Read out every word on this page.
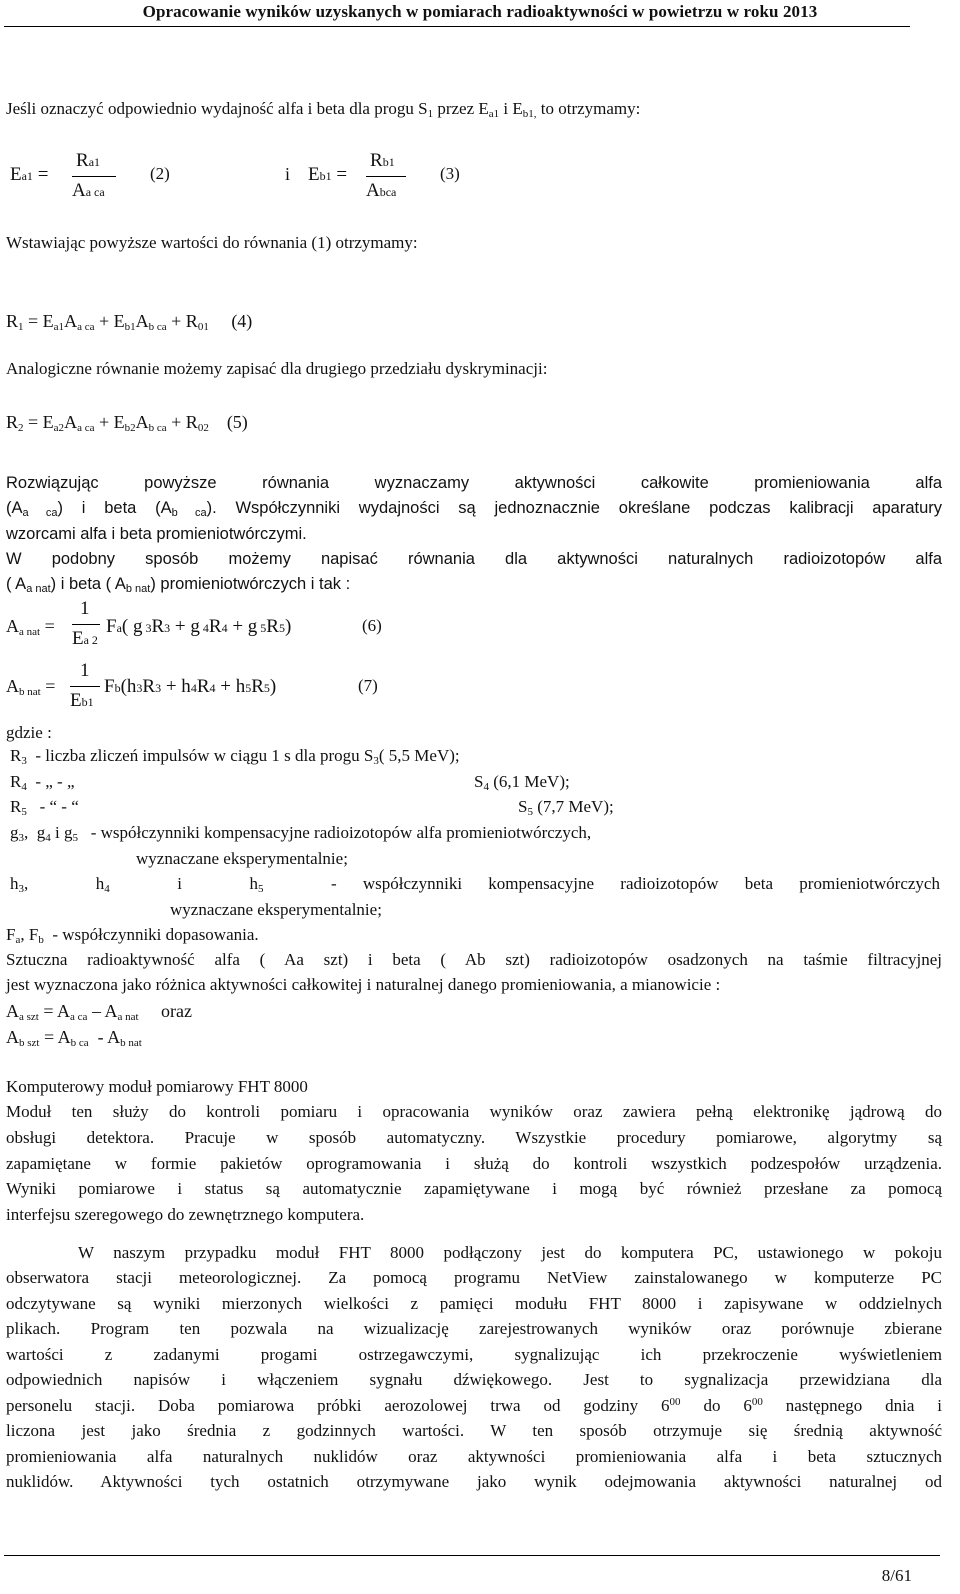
Opracowanie wyników uzyskanych w pomiarach radioaktywności w powietrzu w roku 2013
Jeśli oznaczyć odpowiednio wydajność alfa i beta dla progu $S_1$ przez $E_{a1}$ i $E_{b1,}$ to otrzymamy:
Ea1 =
Ra1
Aa ca
(2)	i Eb1 =
Rb1
Abca
(3)
Wstawiając powyższe wartości do równania (1) otrzymamy:
$R_1 = E_{a1}A_{a ca} + E_{b1}A_{b ca} + R_{01}$ (4)
Analogiczne równanie możemy zapisać dla drugiego przedziału dyskryminacji:
$R_2 = E_{a2}A_{a ca} + E_{b2}A_{b ca} + R_{02}$ (5)
Rozwiązując powyższe równania wyznaczamy aktywności całkowite promieniowania alfa
$(A_{a ca})$ i beta $(A_{b ca})$. Współczynniki wydajności są jednoznacznie określane podczas kalibracji aparatury
wzorcami alfa i beta promieniotwórczymi.
W podobny sposób możemy napisać równania dla aktywności naturalnych radioizotopów alfa
( $A_{a nat}$) i beta ( $A_{b nat}$) promieniotwórczych i tak :
$A_{a nat}$ =
1
Ea 2
Fa( g 3R3 + g 4R4 + g 5R5)	(6)
$A_{b nat}$ =
1
Eb1
Fb(h3R3 + h4R4 + h5R5)	(7)
gdzie :
$R_3$ - liczba zliczeń impulsów w ciągu 1 s dla progu $S_3$( 5,5 MeV);
$R_4$ - „ - „	$S_4$ (6,1 MeV);
$R_5$ - “ - “	$S_5$ (7,7 MeV);
$g_3$,  $g_4$ i $g_5$ - współczynniki kompensacyjne radioizotopów alfa promieniotwórczych,
wyznaczane eksperymentalnie;
$h_3$,	$h_4$	i	$h_5$	- współczynniki kompensacyjne radioizotopów beta promieniotwórczych
wyznaczane eksperymentalnie;
$F_a$, $F_b$ - współczynniki dopasowania.
Sztuczna radioaktywność alfa ( Aa szt) i beta ( Ab szt) radioizotopów osadzonych na taśmie filtracyjnej
jest wyznaczona jako różnica aktywności całkowitej i naturalnej danego promieniowania, a mianowicie :
$A_{a szt} = A_{a ca} - A_{a nat}$ oraz
$A_{b szt} = A_{b ca} - A_{b nat}$
Komputerowy moduł pomiarowy FHT 8000
Moduł ten służy do kontroli pomiaru i opracowania wyników oraz zawiera pełną elektronikę jądrową do
obsługi detektora. Pracuje w sposób automatyczny. Wszystkie procedury pomiarowe, algorytmy są
zapamiętane w formie pakietów oprogramowania i służą do kontroli wszystkich podzespołów urządzenia.
Wyniki pomiarowe i status są automatycznie zapamiętywane i mogą być również przesłane za pomocą
interfejsu szeregowego do zewnętrznego komputera.
W naszym przypadku moduł FHT 8000 podłączony jest do komputera PC, ustawionego w pokoju
obserwatora stacji meteorologicznej. Za pomocą programu NetView zainstalowanego w komputerze PC
odczytywane są wyniki mierzonych wielkości z pamięci modułu FHT 8000 i zapisywane w oddzielnych
plikach. Program ten pozwala na wizualizację zarejestrowanych wyników oraz porównuje zbierane
wartości z zadanymi progami ostrzegawczymi, sygnalizując ich przekroczenie wyświetleniem
odpowiednich napisów i włączeniem sygnału dźwiękowego. Jest to sygnalizacja przewidziana dla
personelu stacji. Doba pomiarowa próbki aerozolowej trwa od godziny $6^{00}$ do $6^{00}$ następnego dnia i
liczona jest jako średnia z godzinnych wartości. W ten sposób otrzymuje się średnią aktywność
promieniowania alfa naturalnych nuklidów oraz aktywności promieniowania alfa i beta sztucznych
nuklidów. Aktywności tych ostatnich otrzymywane jako wynik odejmowania aktywności naturalnej od
8/61
